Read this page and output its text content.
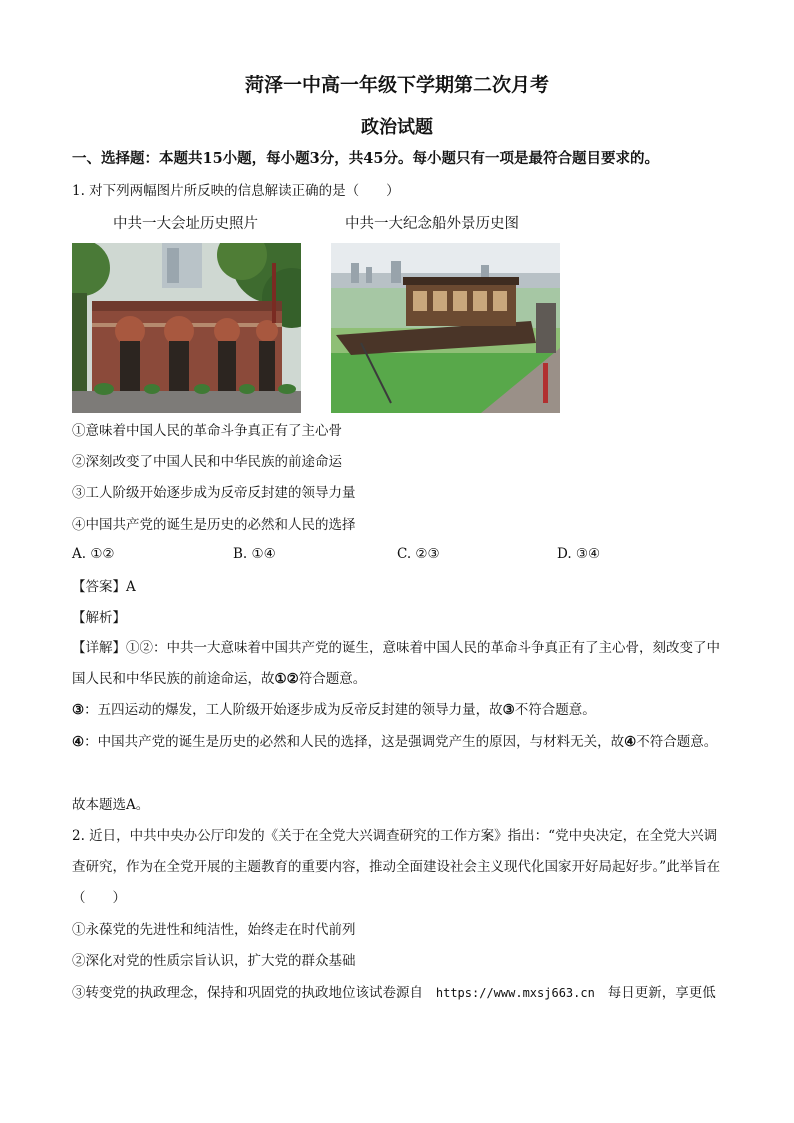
菏泽一中高一年级下学期第二次月考
政治试题
一、选择题：本题共15小题，每小题3分，共45分。每小题只有一项是最符合题目要求的。
1. 对下列两幅图片所反映的信息解读正确的是（　　）
中共一大会址历史照片	中共一大纪念船外景历史图
①意味着中国人民的革命斗争真正有了主心骨
②深刻改变了中国人民和中华民族的前途命运
③工人阶级开始逐步成为反帝反封建的领导力量
④中国共产党的诞生是历史的必然和人民的选择
A. ①②	B. ①④	C. ②③	D. ③④
【答案】A
【解析】
【详解】①②：中共一大意味着中国共产党的诞生，意味着中国人民的革命斗争真正有了主心骨，刻改变了中国人民和中华民族的前途命运，故①②符合题意。
③：五四运动的爆发，工人阶级开始逐步成为反帝反封建的领导力量，故③不符合题意。
④：中国共产党的诞生是历史的必然和人民的选择，这是强调党产生的原因，与材料无关，故④不符合题意。
故本题选A。
2. 近日，中共中央办公厅印发的《关于在全党大兴调查研究的工作方案》指出：“党中央决定，在全党大兴调查研究，作为在全党开展的主题教育的重要内容，推动全面建设社会主义现代化国家开好局起好步。”此举旨在（　　）
①永葆党的先进性和纯洁性，始终走在时代前列
②深化对党的性质宗旨认识，扩大党的群众基础
③转变党的执政理念，保持和巩固党的执政地位该试卷源自 https://www.mxsj663.cn 每日更新，享更低
